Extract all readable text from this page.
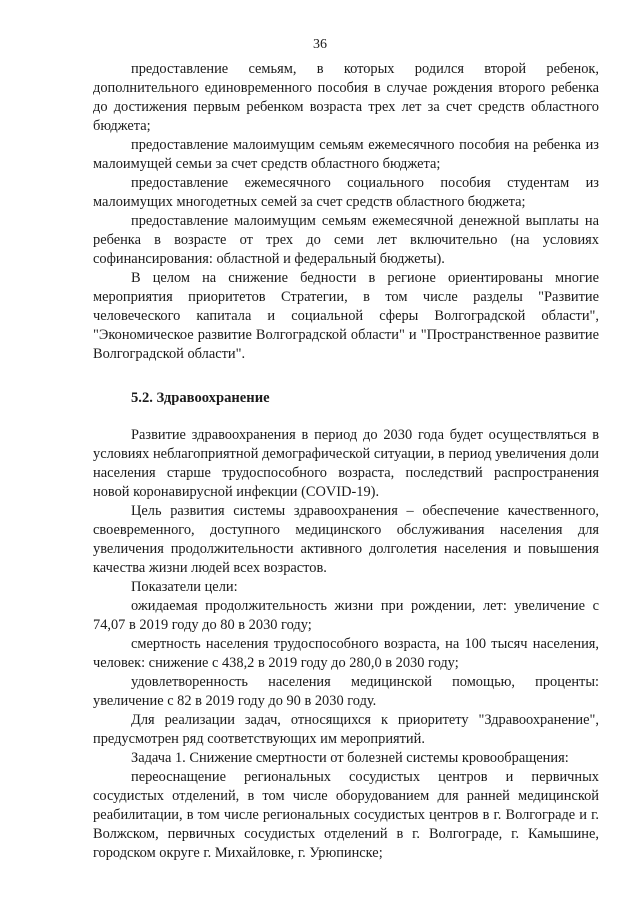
36

предоставление семьям, в которых родился второй ребенок, дополнительного единовременного пособия в случае рождения второго ребенка до достижения первым ребенком возраста трех лет за счет средств областного бюджета;

предоставление малоимущим семьям ежемесячного пособия на ребенка из малоимущей семьи за счет средств областного бюджета;

предоставление ежемесячного социального пособия студентам из малоимущих многодетных семей за счет средств областного бюджета;

предоставление малоимущим семьям ежемесячной денежной выплаты на ребенка в возрасте от трех до семи лет включительно (на условиях софинансирования: областной и федеральный бюджеты).

В целом на снижение бедности в регионе ориентированы многие мероприятия приоритетов Стратегии, в том числе разделы "Развитие человеческого капитала и социальной сферы Волгоградской области", "Экономическое развитие Волгоградской области" и "Пространственное развитие Волгоградской области".

5.2. Здравоохранение

Развитие здравоохранения в период до 2030 года будет осуществляться в условиях неблагоприятной демографической ситуации, в период увеличения доли населения старше трудоспособного возраста, последствий распространения новой коронавирусной инфекции (COVID-19).

Цель развития системы здравоохранения – обеспечение качественного, своевременного, доступного медицинского обслуживания населения для увеличения продолжительности активного долголетия населения и повышения качества жизни людей всех возрастов.

Показатели цели:

ожидаемая продолжительность жизни при рождении, лет: увеличение с 74,07 в 2019 году до 80 в 2030 году;

смертность населения трудоспособного возраста, на 100 тысяч населения, человек: снижение с 438,2 в 2019 году до 280,0 в 2030 году;

удовлетворенность населения медицинской помощью, проценты: увеличение с 82 в 2019 году до 90 в 2030 году.

Для реализации задач, относящихся к приоритету "Здравоохранение", предусмотрен ряд соответствующих им мероприятий.

Задача 1. Снижение смертности от болезней системы кровообращения:

переоснащение региональных сосудистых центров и первичных сосудистых отделений, в том числе оборудованием для ранней медицинской реабилитации, в том числе региональных сосудистых центров в г. Волгограде и г. Волжском, первичных сосудистых отделений в г. Волгограде, г. Камышине, городском округе г. Михайловке, г. Урюпинске;
